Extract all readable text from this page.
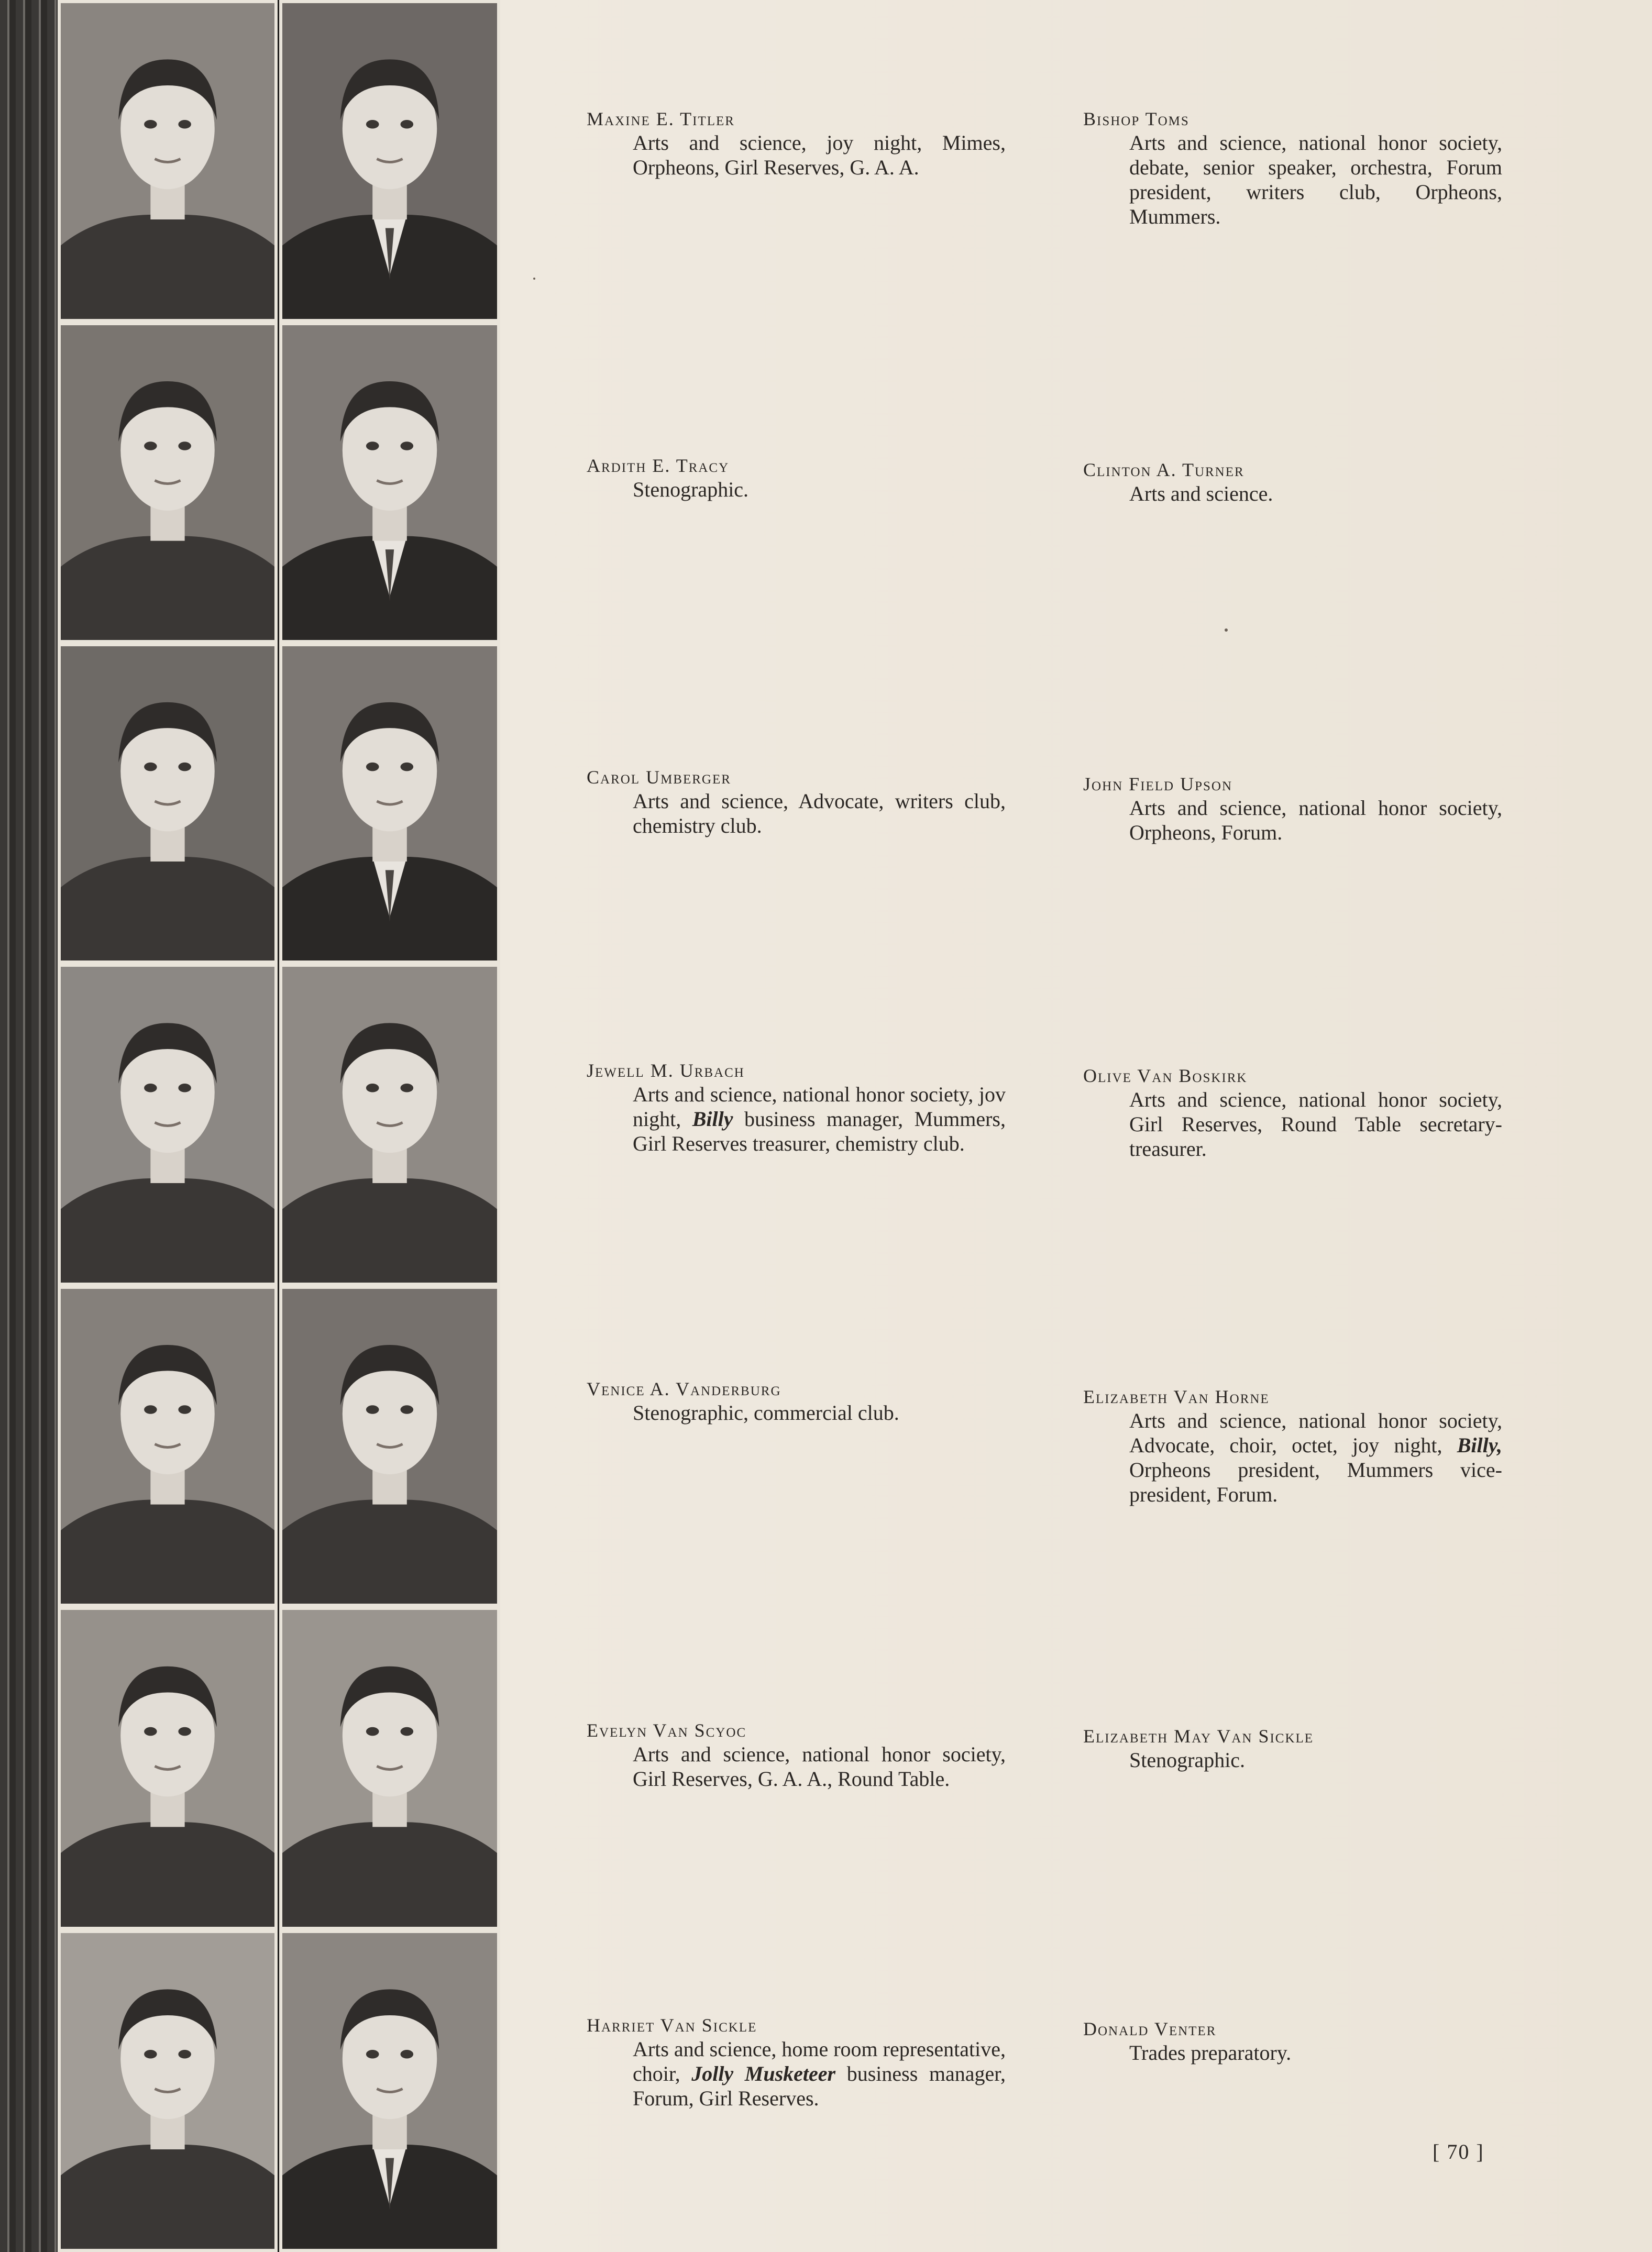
Maxine E. Titler
Arts and science, joy night, Mimes, Orpheons, Girl Reserves, G. A. A.
Ardith E. Tracy
Stenographic.
Carol Umberger
Arts and science, Advocate, writers club, chemistry club.
Jewell M. Urbach
Arts and science, national honor society, jov night, Billy business manager, Mummers, Girl Reserves treasurer, chemistry club.
Venice A. Vanderburg
Stenographic, commercial club.
Evelyn Van Scyoc
Arts and science, national honor society, Girl Reserves, G. A. A., Round Table.
Harriet Van Sickle
Arts and science, home room representative, choir, Jolly Musketeer business manager, Forum, Girl Reserves.
Bishop Toms
Arts and science, national honor society, debate, senior speaker, orchestra, Forum president, writers club, Orpheons, Mummers.
Clinton A. Turner
Arts and science.
John Field Upson
Arts and science, national honor society, Orpheons, Forum.
Olive Van Boskirk
Arts and science, national honor society, Girl Reserves, Round Table secretary-treasurer.
Elizabeth Van Horne
Arts and science, national honor society, Advocate, choir, octet, joy night, Billy, Orpheons president, Mummers vice-president, Forum.
Elizabeth May Van Sickle
Stenographic.
Donald Venter
Trades preparatory.
[ 70 ]
